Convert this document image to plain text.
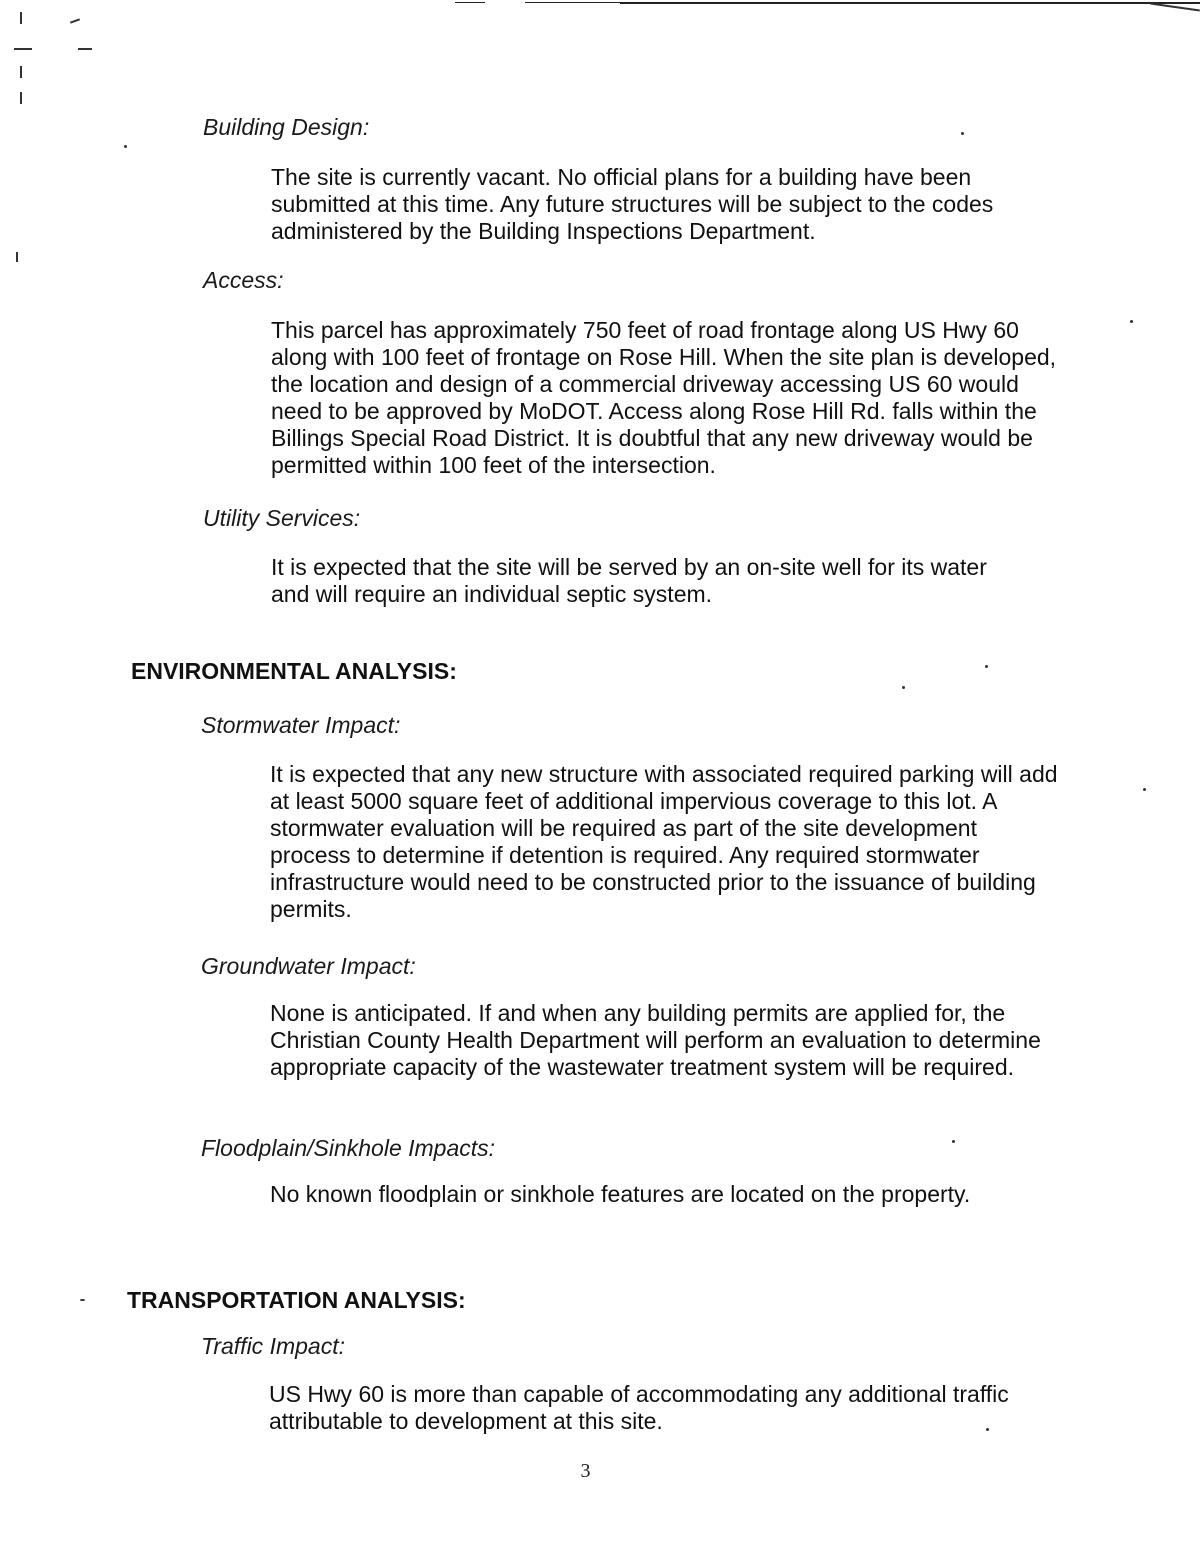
Building Design:
The site is currently vacant. No official plans for a building have been submitted at this time. Any future structures will be subject to the codes administered by the Building Inspections Department.
Access:
This parcel has approximately 750 feet of road frontage along US Hwy 60 along with 100 feet of frontage on Rose Hill. When the site plan is developed, the location and design of a commercial driveway accessing US 60 would need to be approved by MoDOT. Access along Rose Hill Rd. falls within the Billings Special Road District. It is doubtful that any new driveway would be permitted within 100 feet of the intersection.
Utility Services:
It is expected that the site will be served by an on-site well for its water and will require an individual septic system.
ENVIRONMENTAL ANALYSIS:
Stormwater Impact:
It is expected that any new structure with associated required parking will add at least 5000 square feet of additional impervious coverage to this lot. A stormwater evaluation will be required as part of the site development process to determine if detention is required. Any required stormwater infrastructure would need to be constructed prior to the issuance of building permits.
Groundwater Impact:
None is anticipated. If and when any building permits are applied for, the Christian County Health Department will perform an evaluation to determine appropriate capacity of the wastewater treatment system will be required.
Floodplain/Sinkhole Impacts:
No known floodplain or sinkhole features are located on the property.
TRANSPORTATION ANALYSIS:
Traffic Impact:
US Hwy 60 is more than capable of accommodating any additional traffic attributable to development at this site.
3
